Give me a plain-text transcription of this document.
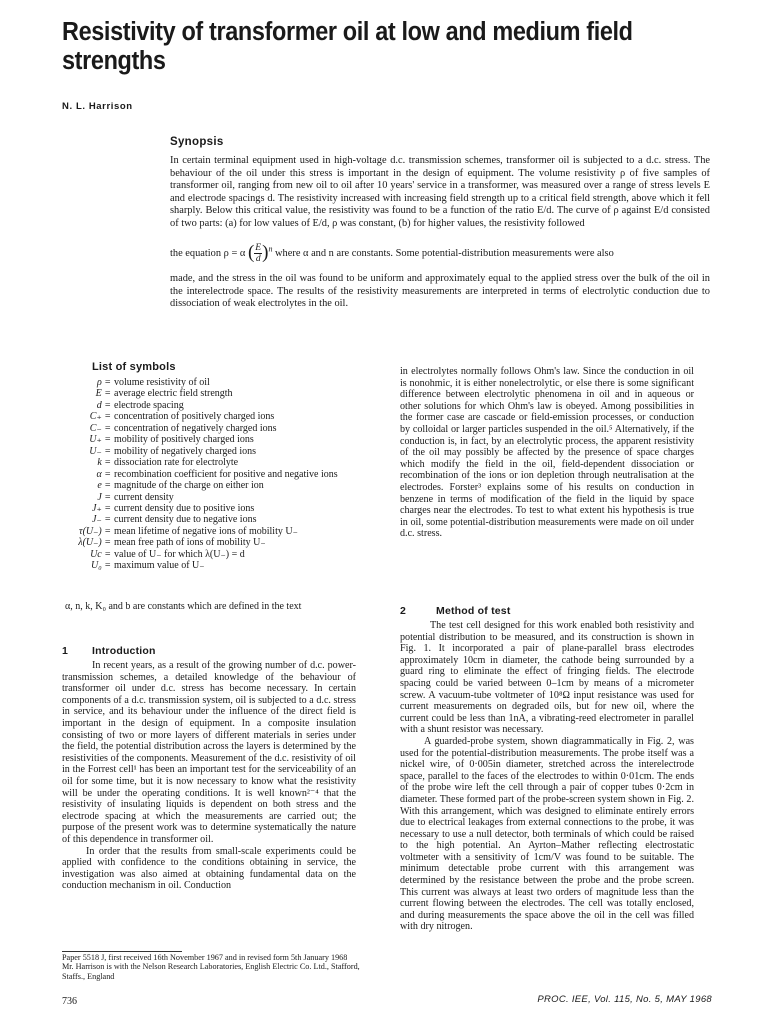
Resistivity of transformer oil at low and medium field strengths
N. L. Harrison
Synopsis
In certain terminal equipment used in high-voltage d.c. transmission schemes, transformer oil is subjected to a d.c. stress. The behaviour of the oil under this stress is important in the design of equipment. The volume resistivity ρ of five samples of transformer oil, ranging from new oil to oil after 10 years' service in a transformer, was measured over a range of stress levels E and electrode spacings d. The resistivity increased with increasing field strength up to a critical field strength, above which it fell sharply. Below this critical value, the resistivity was found to be a function of the ratio E/d. The curve of ρ against E/d consisted of two parts: (a) for low values of E/d, ρ was constant, (b) for higher values, the resistivity followed
the equation ρ = α ( $\frac{E}{d} )^n$ where α and n are constants. Some potential-distribution measurements were also
made, and the stress in the oil was found to be uniform and approximately equal to the applied stress over the bulk of the oil in the interelectrode space. The results of the resistivity measurements are interpreted in terms of electrolytic conduction due to dissociation of weak electrolytes in the oil.
List of symbols
ρ = volume resistivity of oil
E = average electric field strength
d = electrode spacing
C₊ = concentration of positively charged ions
C₋ = concentration of negatively charged ions
U₊ = mobility of positively charged ions
U₋ = mobility of negatively charged ions
k = dissociation rate for electrolyte
α = recombination coefficient for positive and negative ions
e = magnitude of the charge on either ion
J = current density
J₊ = current density due to positive ions
J₋ = current density due to negative ions
τ(U₋) = mean lifetime of negative ions of mobility U₋
λ(U₋) = mean free path of ions of mobility U₋
Uc = value of U₋ for which λ(U₋) = d
U₀ = maximum value of U₋
α, n, k, K₀ and b are constants which are defined in the text
1 Introduction

In recent years, as a result of the growing number of d.c. power-transmission schemes, a detailed knowledge of the behaviour of transformer oil under d.c. stress has become necessary. In certain components of a d.c. transmission system, oil is subjected to a d.c. stress in service, and its behaviour under the influence of the direct field is important in the design of equipment. In a composite insulation consisting of two or more layers of different materials in series under the field, the potential distribution across the layers is determined by the resistivities of the components. Measurement of the d.c. resistivity of oil in the Forrest cell¹ has been an important test for the serviceability of an oil for some time, but it is now necessary to know what the resistivity will be under the operating conditions. It is well known²⁻⁴ that the resistivity of insulating liquids is dependent on both stress and the electrode spacing at which the measurements are carried out; the purpose of the present work was to determine systematically the nature of this dependence in transformer oil.

In order that the results from small-scale experiments could be applied with confidence to the conditions obtaining in service, the investigation was also aimed at obtaining fundamental data on the conduction mechanism in oil. Conduction

in electrolytes normally follows Ohm's law. Since the conduction in oil is nonohmic, it is either nonelectrolytic, or else there is some significant difference between electrolytic phenomena in oil and in aqueous or other solutions for which Ohm's law is obeyed. Among possibilities in the former case are cascade or field-emission processes, or conduction by colloidal or larger particles suspended in the oil.⁵ Alternatively, if the conduction is, in fact, by an electrolytic process, the apparent resistivity of the oil may possibly be affected by the presence of space charges which modify the field in the oil, field-dependent dissociation or recombination of the ions or ion depletion through neutralisation at the electrodes. Forster³ explains some of his results on conduction in benzene in terms of modification of the field in the liquid by space charges near the electrodes. To test to what extent his hypothesis is true in oil, some potential-distribution measurements were made on oil under d.c. stress.

2	Method of test

The test cell designed for this work enabled both resistivity and potential distribution to be measured, and its construction is shown in Fig. 1. It incorporated a pair of plane-parallel brass electrodes approximately 10cm in diameter, the cathode being surrounded by a guard ring to eliminate the effect of fringing fields. The electrode spacing could be varied between 0–1cm by means of a micrometer screw. A vacuum-tube voltmeter of 10⁸Ω input resistance was used for current measurements on degraded oils, but for new oil, where the current could be less than 1nA, a vibrating-reed electrometer in parallel with a shunt resistor was necessary.

A guarded-probe system, shown diagrammatically in Fig. 2, was used for the potential-distribution measurements. The probe itself was a nickel wire, of 0·005in diameter, stretched across the interelectrode space, parallel to the faces of the electrodes to within 0·01cm. The ends of the probe wire left the cell through a pair of copper tubes 0·2cm in diameter. These formed part of the probe-screen system shown in Fig. 2. With this arrangement, which was designed to eliminate entirely errors due to electrical leakages from external connections to the probe, it was necessary to use a null detector, both terminals of which could be raised to the high potential. An Ayrton–Mather reflecting electrostatic voltmeter with a sensitivity of 1cm/V was found to be suitable. The minimum detectable probe current with this arrangement was determined by the resistance between the probe and the probe screen. This current was always at least two orders of magnitude less than the current flowing between the electrodes. The cell was totally enclosed, and during measurements the space above the oil in the cell was filled with dry nitrogen.

Paper 5518 J, first received 16th November 1967 and in revised form 5th January 1968
Mr. Harrison is with the Nelson Research Laboratories, English Electric Co. Ltd., Stafford, Staffs., England
736	PROC. IEE, Vol. 115, No. 5, MAY 1968
